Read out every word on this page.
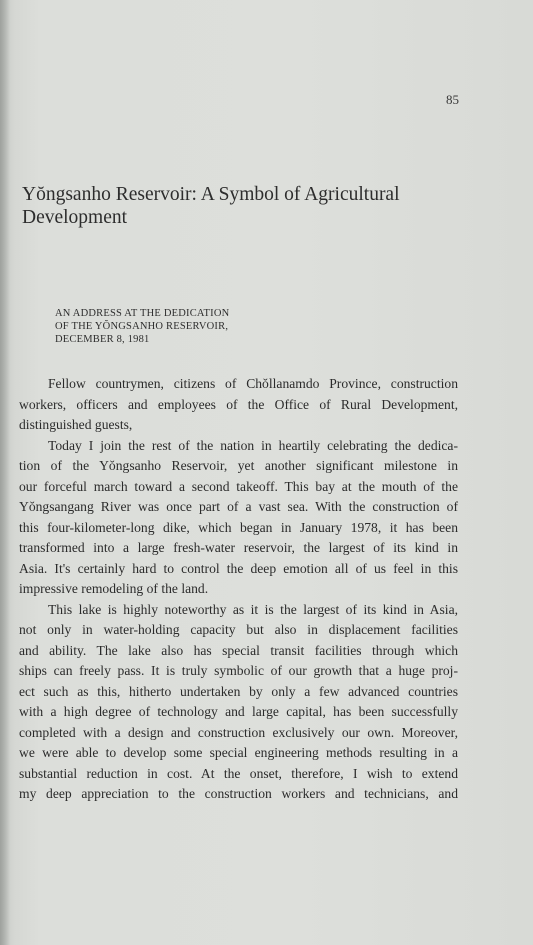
85
Yŏngsanho Reservoir: A Symbol of Agricultural
Development
AN ADDRESS AT THE DEDICATION
OF THE YŎNGSANHO RESERVOIR,
DECEMBER 8, 1981
Fellow countrymen, citizens of Chŏllanamdo Province, construction
workers, officers and employees of the Office of Rural Development,
distinguished guests,
Today I join the rest of the nation in heartily celebrating the dedica-
tion of the Yŏngsanho Reservoir, yet another significant milestone in
our forceful march toward a second takeoff. This bay at the mouth of the
Yŏngsangang River was once part of a vast sea. With the construction of
this four-kilometer-long dike, which began in January 1978, it has been
transformed into a large fresh-water reservoir, the largest of its kind in
Asia. It's certainly hard to control the deep emotion all of us feel in this
impressive remodeling of the land.
This lake is highly noteworthy as it is the largest of its kind in Asia,
not only in water-holding capacity but also in displacement facilities
and ability. The lake also has special transit facilities through which
ships can freely pass. It is truly symbolic of our growth that a huge proj-
ect such as this, hitherto undertaken by only a few advanced countries
with a high degree of technology and large capital, has been successfully
completed with a design and construction exclusively our own. Moreover,
we were able to develop some special engineering methods resulting in a
substantial reduction in cost. At the onset, therefore, I wish to extend
my deep appreciation to the construction workers and technicians, and
